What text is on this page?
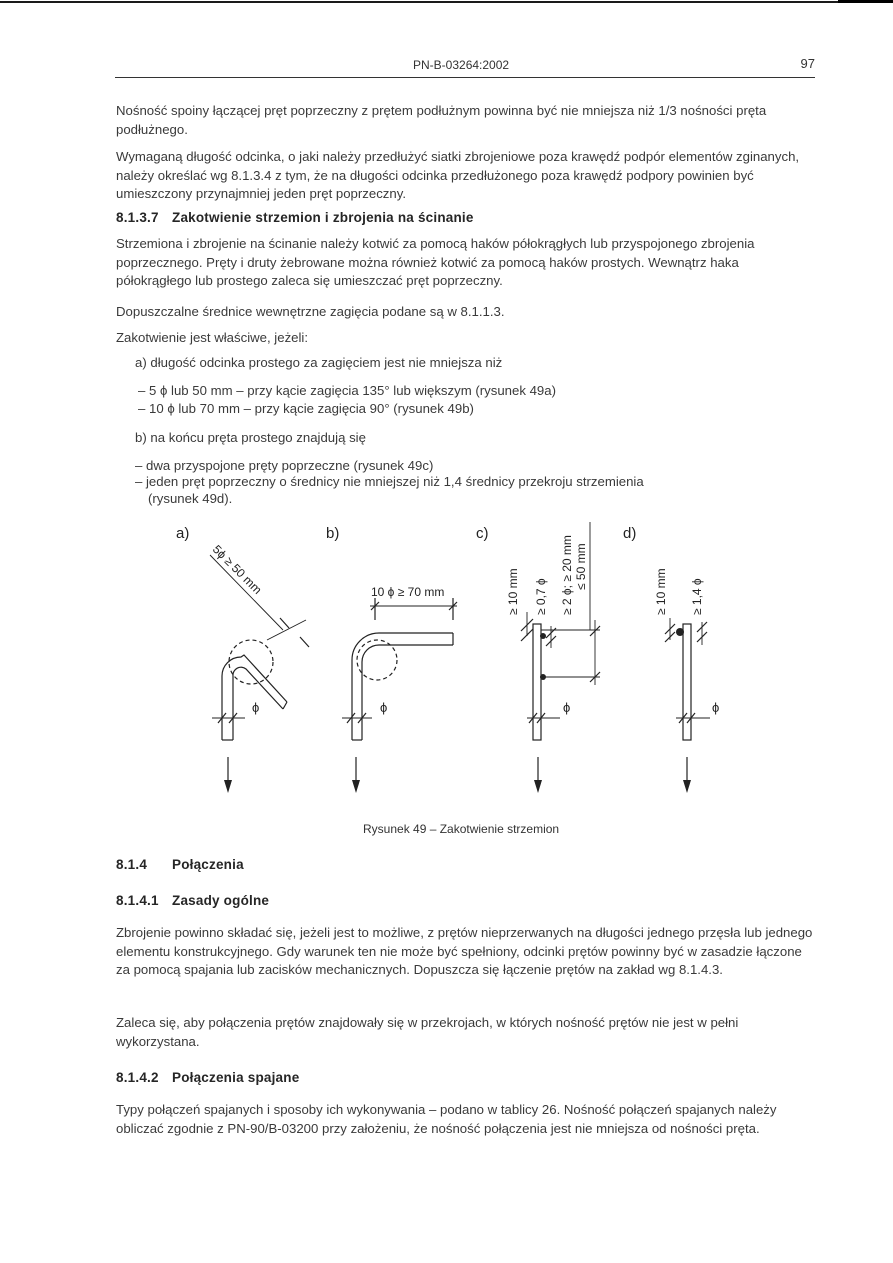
PN-B-03264:2002	97

Nośność spoiny łączącej pręt poprzeczny z prętem podłużnym powinna być nie mniejsza niż 1/3 nośności pręta podłużnego.

Wymaganą długość odcinka, o jaki należy przedłużyć siatki zbrojeniowe poza krawędź podpór elementów zginanych, należy określać wg 8.1.3.4 z tym, że na długości odcinka przedłużonego poza krawędź podpory powinien być umieszczony przynajmniej jeden pręt poprzeczny.

8.1.3.7 Zakotwienie strzemion i zbrojenia na ścinanie

Strzemiona i zbrojenie na ścinanie należy kotwić za pomocą haków półokrągłych lub przyspojonego zbrojenia poprzecznego. Pręty i druty żebrowane można również kotwić za pomocą haków prostych. Wewnątrz haka półokrągłego lub prostego zaleca się umieszczać pręt poprzeczny.

Dopuszczalne średnice wewnętrzne zagięcia podane są w 8.1.1.3.

Zakotwienie jest właściwe, jeżeli:

a) długość odcinka prostego za zagięciem jest nie mniejsza niż

– 5 ϕ lub 50 mm – przy kącie zagięcia 135° lub większym (rysunek 49a)

– 10 ϕ lub 70 mm – przy kącie zagięcia 90° (rysunek 49b)

b) na końcu pręta prostego znajdują się

– dwa przyspojone pręty poprzeczne (rysunek 49c)

– jeden pręt poprzeczny o średnicy nie mniejszej niż 1,4 średnicy przekroju strzemienia

(rysunek 49d).

a)	b)	c)	d)
5ϕ ≥ 50 mm	10 ϕ ≥ 70 mm	≥ 10 mm ≥ 0,7 ϕ ≥ 2 ϕ; ≥ 20 mm ≤ 50 mm
≥ 10 mm ≥ 1,4 ϕ
ϕ	ϕ	ϕ	ϕ
Rysunek 49 – Zakotwienie strzemion

8.1.4 Połączenia

8.1.4.1 Zasady ogólne

Zbrojenie powinno składać się, jeżeli jest to możliwe, z prętów nieprzerwanych na długości jednego przęsła lub jednego elementu konstrukcyjnego. Gdy warunek ten nie może być spełniony, odcinki prętów powinny być w zasadzie łączone za pomocą spajania lub zacisków mechanicznych. Dopuszcza się łączenie prętów na zakład wg 8.1.4.3.

Zaleca się, aby połączenia prętów znajdowały się w przekrojach, w których nośność prętów nie jest w pełni wykorzystana.

8.1.4.2 Połączenia spajane

Typy połączeń spajanych i sposoby ich wykonywania – podano w tablicy 26. Nośność połączeń spajanych należy obliczać zgodnie z PN-90/B-03200 przy założeniu, że nośność połączenia jest nie mniejsza od nośności pręta.
